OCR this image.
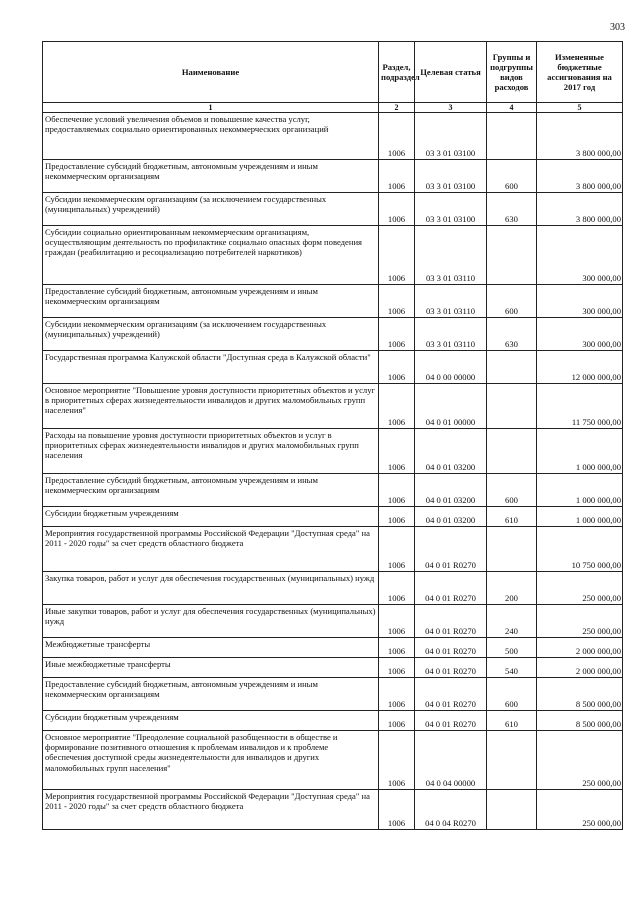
303
Наименование	Раздел, подраздел	Целевая статья	Группы и подгруппы видов расходов	Измененные бюджетные ассигнования на 2017 год
1	2	3	4	5
Обеспечение условий увеличения объемов и повышение качества услуг, предоставляемых социально ориентированных некоммерческих организаций	1006	03 3 01 03100		3 800 000,00
Предоставление субсидий бюджетным, автономным учреждениям и иным некоммерческим организациям	1006	03 3 01 03100	600	3 800 000,00
Субсидии некоммерческим организациям (за исключением государственных (муниципальных) учреждений)	1006	03 3 01 03100	630	3 800 000,00
Субсидии социально ориентированным некоммерческим организациям, осуществляющим деятельность по профилактике социально опасных форм поведения граждан (реабилитацию и ресоциализацию потребителей наркотиков)	1006	03 3 01 03110		300 000,00
Предоставление субсидий бюджетным, автономным учреждениям и иным некоммерческим организациям	1006	03 3 01 03110	600	300 000,00
Субсидии некоммерческим организациям (за исключением государственных (муниципальных) учреждений)	1006	03 3 01 03110	630	300 000,00
Государственная программа Калужской области "Доступная среда в Калужской области"	1006	04 0 00 00000		12 000 000,00
Основное мероприятие "Повышение уровня доступности приоритетных объектов и услуг в приоритетных сферах жизнедеятельности инвалидов и других маломобильных групп населения"	1006	04 0 01 00000		11 750 000,00
Расходы на повышение уровня доступности приоритетных объектов и услуг в приоритетных сферах жизнедеятельности инвалидов и других маломобильных групп населения	1006	04 0 01 03200		1 000 000,00
Предоставление субсидий бюджетным, автономным учреждениям и иным некоммерческим организациям	1006	04 0 01 03200	600	1 000 000,00
Субсидии бюджетным учреждениям	1006	04 0 01 03200	610	1 000 000,00
Мероприятия государственной программы Российской Федерации "Доступная среда" на 2011 - 2020 годы" за счет средств областного бюджета	1006	04 0 01 R0270		10 750 000,00
Закупка товаров, работ и услуг для обеспечения государственных (муниципальных) нужд	1006	04 0 01 R0270	200	250 000,00
Иные закупки товаров, работ и услуг для обеспечения государственных (муниципальных) нужд	1006	04 0 01 R0270	240	250 000,00
Межбюджетные трансферты	1006	04 0 01 R0270	500	2 000 000,00
Иные межбюджетные трансферты	1006	04 0 01 R0270	540	2 000 000,00
Предоставление субсидий бюджетным, автономным учреждениям и иным некоммерческим организациям	1006	04 0 01 R0270	600	8 500 000,00
Субсидии бюджетным учреждениям	1006	04 0 01 R0270	610	8 500 000,00
Основное мероприятие "Преодоление социальной разобщенности в обществе и формирование позитивного отношения к проблемам инвалидов и к проблеме обеспечения доступной среды жизнедеятельности для инвалидов и других маломобильных групп населения"	1006	04 0 04 00000		250 000,00
Мероприятия государственной программы Российской Федерации "Доступная среда" на 2011 - 2020 годы" за счет средств областного бюджета	1006	04 0 04 R0270		250 000,00
